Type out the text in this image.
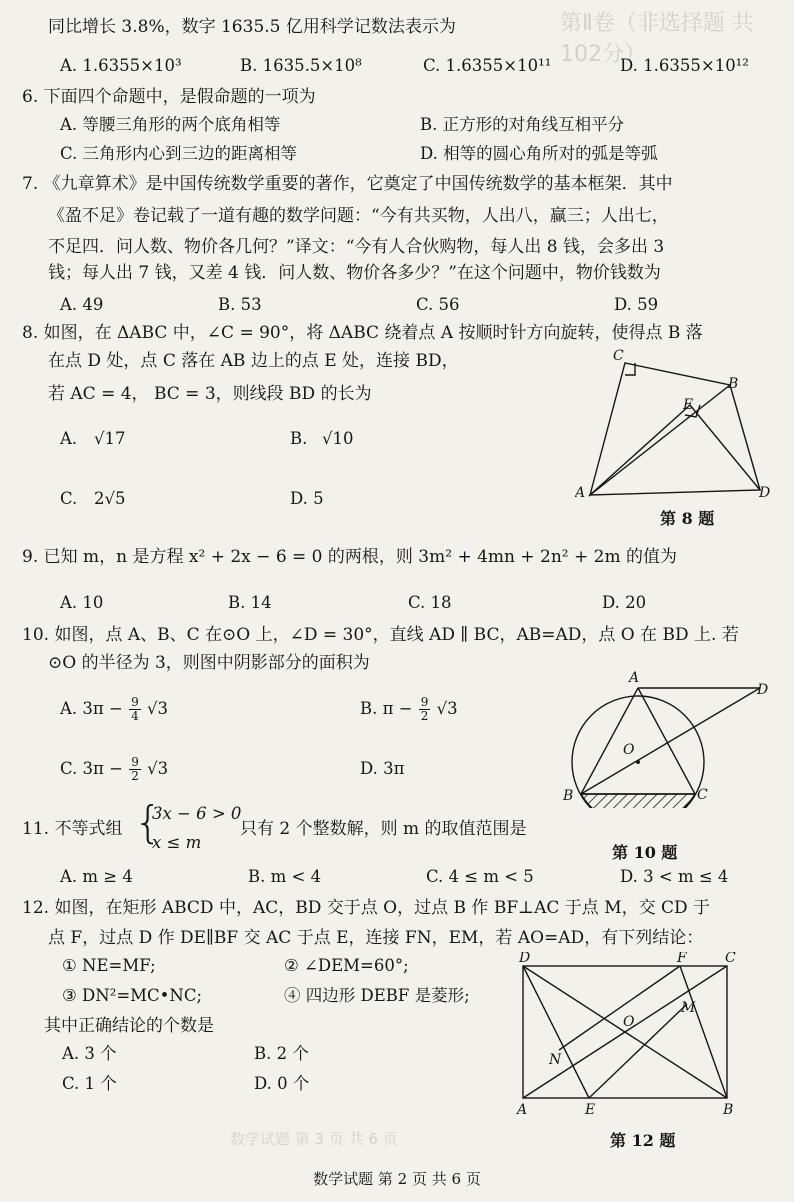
第Ⅱ卷（非选择题 共102分）
数学试题 第 3 页 共 6 页
同比增长 3.8%，数字 1635.5 亿用科学记数法表示为
A. 1.6355×10³	B. 1635.5×10⁸	C. 1.6355×10¹¹	D. 1.6355×10¹²
6. 下面四个命题中，是假命题的一项为
A. 等腰三角形的两个底角相等	B. 正方形的对角线互相平分
C. 三角形内心到三边的距离相等	D. 相等的圆心角所对的弧是等弧
7. 《九章算术》是中国传统数学重要的著作，它奠定了中国传统数学的基本框架．其中
《盈不足》卷记载了一道有趣的数学问题：“今有共买物，人出八，赢三；人出七，
不足四．问人数、物价各几何？”译文：“今有人合伙购物，每人出 8 钱，会多出 3
钱；每人出 7 钱，又差 4 钱．问人数、物价各多少？”在这个问题中，物价钱数为
A. 49	B. 53	C. 56	D. 59
8. 如图，在 ΔABC 中，∠C = 90°，将 ΔABC 绕着点 A 按顺时针方向旋转，使得点 B 落
在点 D 处，点 C 落在 AB 边上的点 E 处，连接 BD，
若 AC = 4， BC = 3，则线段 BD 的长为
A. √17	B. √10
C. 2√5	D. 5
C
B
E
A	D
第 8 题
9. 已知 m，n 是方程 x² + 2x − 6 = 0 的两根，则 3m² + 4mn + 2n² + 2m 的值为
A. 10	B. 14	C. 18	D. 20
10. 如图，点 A、B、C 在⊙O 上，∠D = 30°，直线 AD ∥ BC，AB=AD，点 O 在 BD 上. 若
⊙O 的半径为 3，则图中阴影部分的面积为
A. $3\pi - \frac{9}{4} √3$	B. $\pi - \frac{9}{2} √3$
C. $3\pi - \frac{9}{2} √3$	D. 3π
A
D
O
B	C
第 10 题
11. 不等式组 {
3x − 6 > 0
x ≤ m
只有 2 个整数解，则 m 的取值范围是
A. m ≥ 4	B. m < 4	C. 4 ≤ m < 5	D. 3 < m ≤ 4
12. 如图，在矩形 ABCD 中，AC，BD 交于点 O，过点 B 作 BF⊥AC 于点 M，交 CD 于
点 F，过点 D 作 DE∥BF 交 AC 于点 E，连接 FN，EM，若 AO=AD，有下列结论：
① NE=MF;	② ∠DEM=60°;
③ DN²=MC•NC;	④ 四边形 DEBF 是菱形;
其中正确结论的个数是
A. 3 个	B. 2 个
C. 1 个	D. 0 个
D	F	C
M
O
N
A	E	B
第 12 题
数学试题 第 2 页 共 6 页
